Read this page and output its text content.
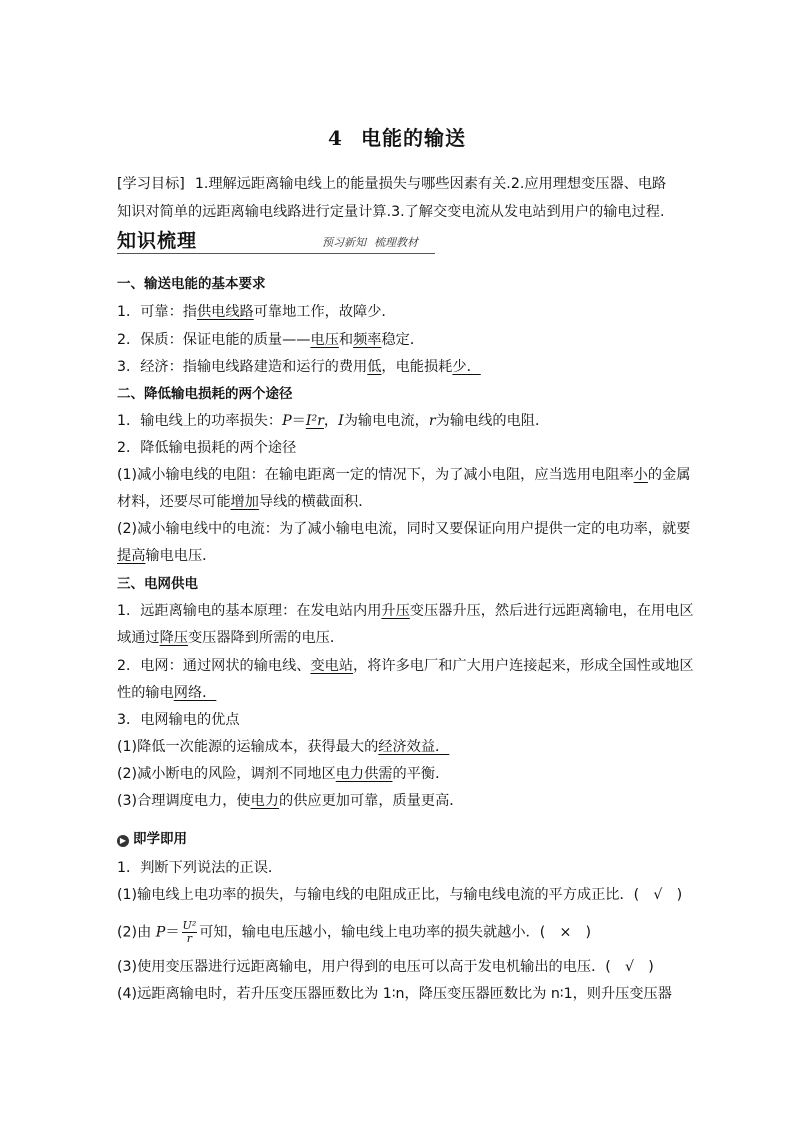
4 电能的输送
[学习目标] 1.理解远距离输电线上的能量损失与哪些因素有关.2.应用理想变压器、电路知识对简单的远距离输电线路进行定量计算.3.了解交变电流从发电站到用户的输电过程.
知识梳理	预习新知 梳理教材
一、输送电能的基本要求
1．可靠：指供电线路可靠地工作，故障少．
2．保质：保证电能的质量——电压和频率稳定．
3．经济：指输电线路建造和运行的费用低，电能损耗少．
二、降低输电损耗的两个途径
1．输电线上的功率损失：P＝I²r，I为输电电流，r为输电线的电阻．
2．降低输电损耗的两个途径
(1)减小输电线的电阻：在输电距离一定的情况下，为了减小电阻，应当选用电阻率小的金属
材料，还要尽可能增加导线的横截面积．
(2)减小输电线中的电流：为了减小输电电流，同时又要保证向用户提供一定的电功率，就要
提高输电电压．
三、电网供电
1．远距离输电的基本原理：在发电站内用升压变压器升压，然后进行远距离输电，在用电区
域通过降压变压器降到所需的电压．
2．电网：通过网状的输电线、变电站，将许多电厂和广大用户连接起来，形成全国性或地区
性的输电网络．
3．电网输电的优点
(1)降低一次能源的运输成本，获得最大的经济效益．
(2)减小断电的风险，调剂不同地区电力供需的平衡．
(3)合理调度电力，使电力的供应更加可靠，质量更高．
▶ 即学即用
1．判断下列说法的正误．
(1)输电线上电功率的损失，与输电线的电阻成正比，与输电线电流的平方成正比．(　√　)
(2)由 $P= \frac{\text{U²}}{r}$ 可知，输电电压越小，输电线上电功率的损失就越小．(　×　)
(3)使用变压器进行远距离输电，用户得到的电压可以高于发电机输出的电压．(　√　)
(4)远距离输电时，若升压变压器匝数比为 1∶n，降压变压器匝数比为 n∶1，则升压变压器
